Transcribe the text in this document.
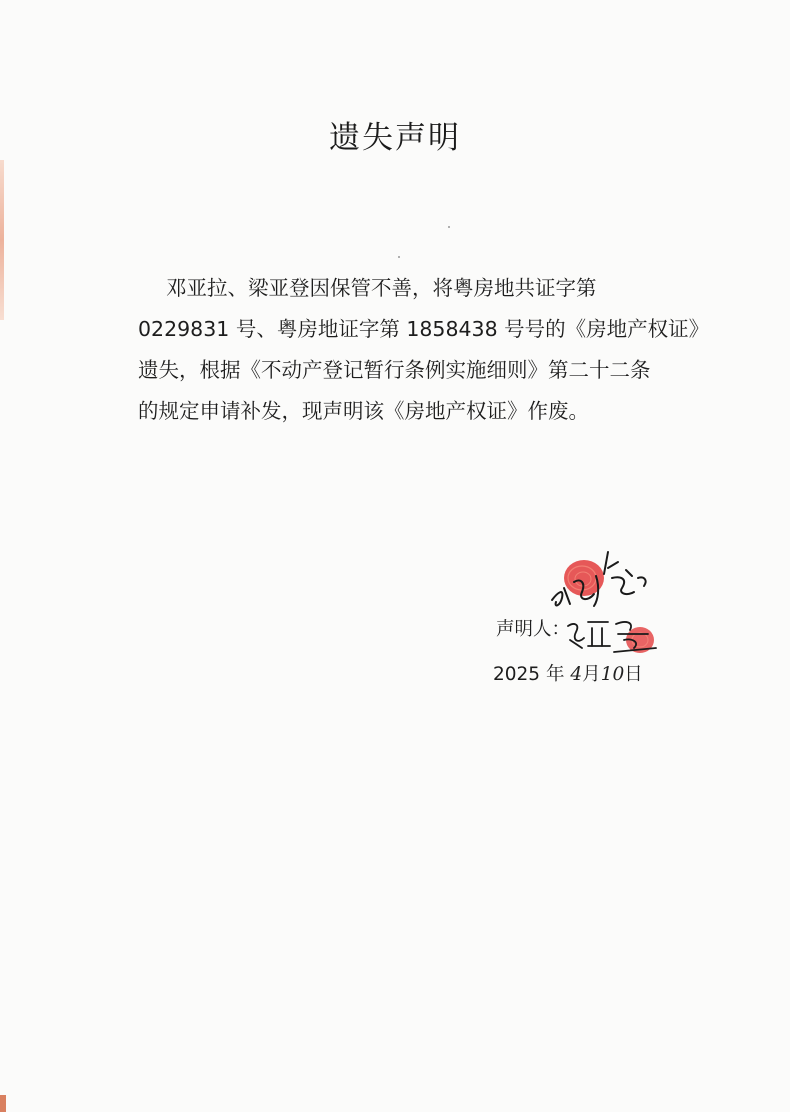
遗失声明
邓亚拉、梁亚登因保管不善，将粤房地共证字第
0229831 号、粤房地证字第 1858438 号号的《房地产权证》
遗失，根据《不动产登记暂行条例实施细则》第二十二条
的规定申请补发，现声明该《房地产权证》作废。
声明人：
2025 年 4月10日
